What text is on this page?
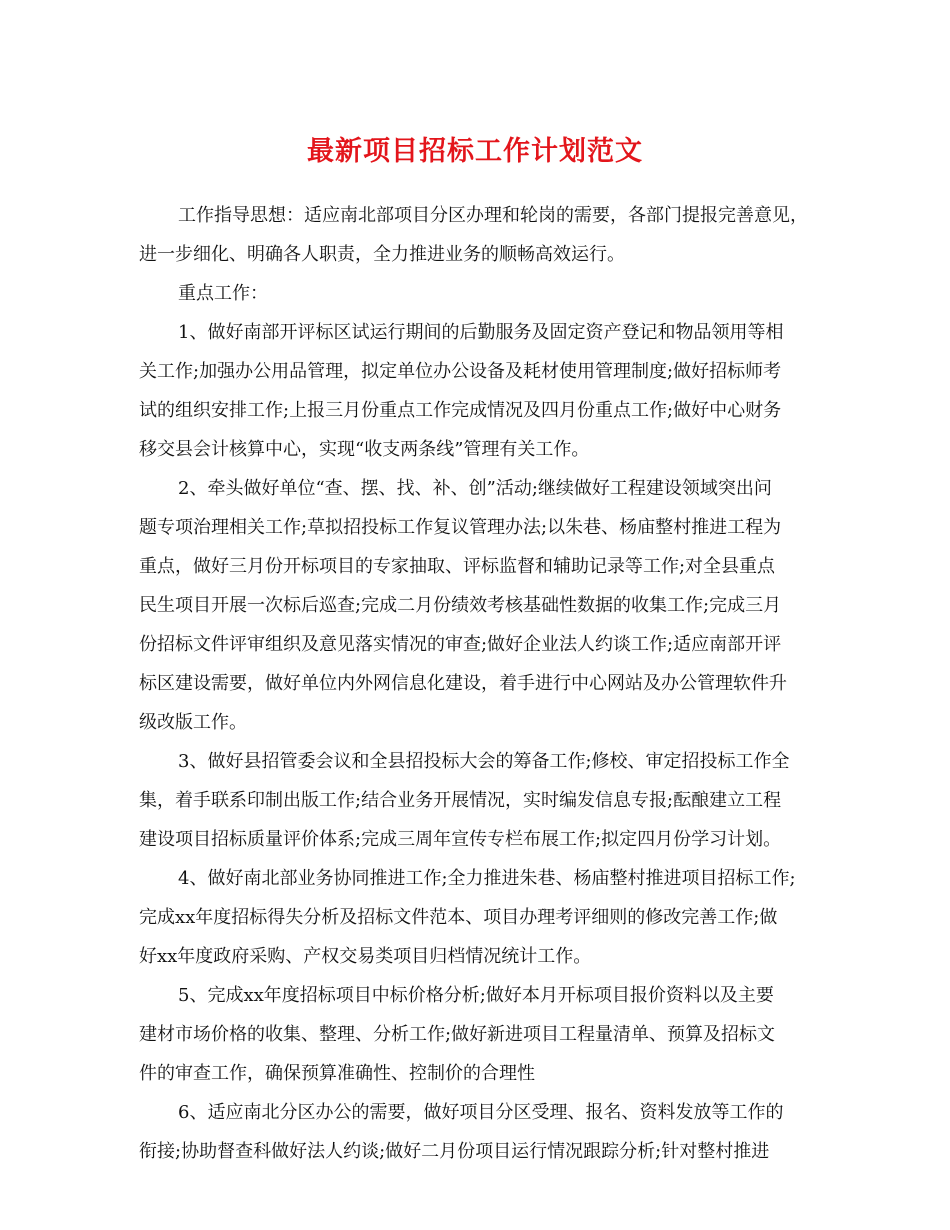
最新项目招标工作计划范文
工作指导思想：适应南北部项目分区办理和轮岗的需要，各部门提报完善意见，
进一步细化、明确各人职责，全力推进业务的顺畅高效运行。
重点工作：
1、做好南部开评标区试运行期间的后勤服务及固定资产登记和物品领用等相
关工作;加强办公用品管理，拟定单位办公设备及耗材使用管理制度;做好招标师考
试的组织安排工作;上报三月份重点工作完成情况及四月份重点工作;做好中心财务
移交县会计核算中心，实现“收支两条线”管理有关工作。
2、牵头做好单位“查、摆、找、补、创”活动;继续做好工程建设领域突出问
题专项治理相关工作;草拟招投标工作复议管理办法;以朱巷、杨庙整村推进工程为
重点，做好三月份开标项目的专家抽取、评标监督和辅助记录等工作;对全县重点
民生项目开展一次标后巡查;完成二月份绩效考核基础性数据的收集工作;完成三月
份招标文件评审组织及意见落实情况的审查;做好企业法人约谈工作;适应南部开评
标区建设需要，做好单位内外网信息化建设，着手进行中心网站及办公管理软件升
级改版工作。
3、做好县招管委会议和全县招投标大会的筹备工作;修校、审定招投标工作全
集，着手联系印制出版工作;结合业务开展情况，实时编发信息专报;酝酿建立工程
建设项目招标质量评价体系;完成三周年宣传专栏布展工作;拟定四月份学习计划。
4、做好南北部业务协同推进工作;全力推进朱巷、杨庙整村推进项目招标工作;
完成xx年度招标得失分析及招标文件范本、项目办理考评细则的修改完善工作;做
好xx年度政府采购、产权交易类项目归档情况统计工作。
5、完成xx年度招标项目中标价格分析;做好本月开标项目报价资料以及主要
建材市场价格的收集、整理、分析工作;做好新进项目工程量清单、预算及招标文
件的审查工作，确保预算准确性、控制价的合理性
6、适应南北分区办公的需要，做好项目分区受理、报名、资料发放等工作的
衔接;协助督查科做好法人约谈;做好二月份项目运行情况跟踪分析;针对整村推进
